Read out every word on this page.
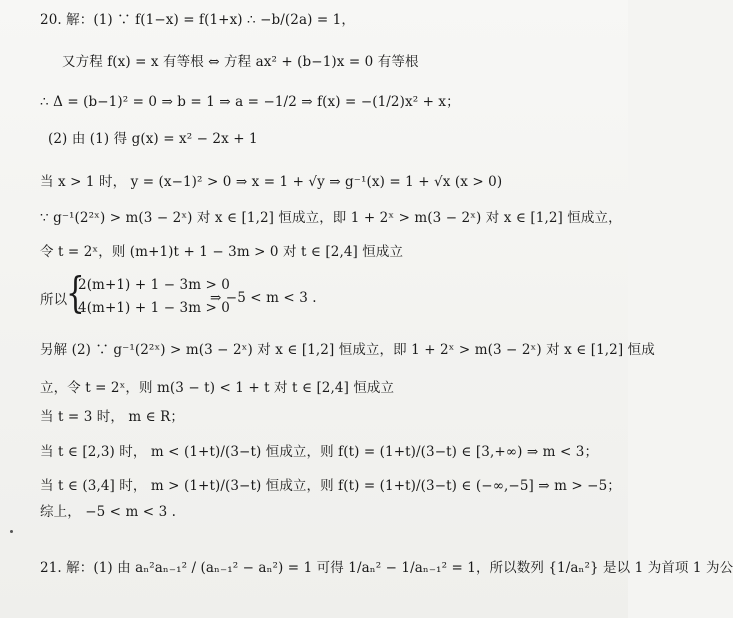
{
20. 解：(1) ∵ f(1−x) = f(1+x) ∴ −b/(2a) = 1，
又方程 f(x) = x 有等根 ⇔ 方程 ax² + (b−1)x = 0 有等根
∴ Δ = (b−1)² = 0 ⇒ b = 1 ⇒ a = −1/2 ⇒ f(x) = −(1/2)x² + x；
(2) 由 (1) 得 g(x) = x² − 2x + 1
当 x > 1 时， y = (x−1)² > 0 ⇒ x = 1 + √y ⇒ g⁻¹(x) = 1 + √x (x > 0)
∵ g⁻¹(2²ˣ) > m(3 − 2ˣ) 对 x ∈ [1,2] 恒成立，即 1 + 2ˣ > m(3 − 2ˣ) 对 x ∈ [1,2] 恒成立，
令 t = 2ˣ，则 (m+1)t + 1 − 3m > 0 对 t ∈ [2,4] 恒成立
所以
2(m+1) + 1 − 3m > 0
4(m+1) + 1 − 3m > 0
⇒ −5 < m < 3 .
另解 (2) ∵ g⁻¹(2²ˣ) > m(3 − 2ˣ) 对 x ∈ [1,2] 恒成立，即 1 + 2ˣ > m(3 − 2ˣ) 对 x ∈ [1,2] 恒成
立，令 t = 2ˣ，则 m(3 − t) < 1 + t 对 t ∈ [2,4] 恒成立
当 t = 3 时， m ∈ R；
当 t ∈ [2,3) 时， m < (1+t)/(3−t) 恒成立，则 f(t) = (1+t)/(3−t) ∈ [3,+∞) ⇒ m < 3；
当 t ∈ (3,4] 时， m > (1+t)/(3−t) 恒成立，则 f(t) = (1+t)/(3−t) ∈ (−∞,−5] ⇒ m > −5；
综上， −5 < m < 3 .
21. 解：(1) 由 aₙ²aₙ₋₁² / (aₙ₋₁² − aₙ²) = 1 可得 1/aₙ² − 1/aₙ₋₁² = 1，所以数列 {1/aₙ²} 是以 1 为首项 1 为公
